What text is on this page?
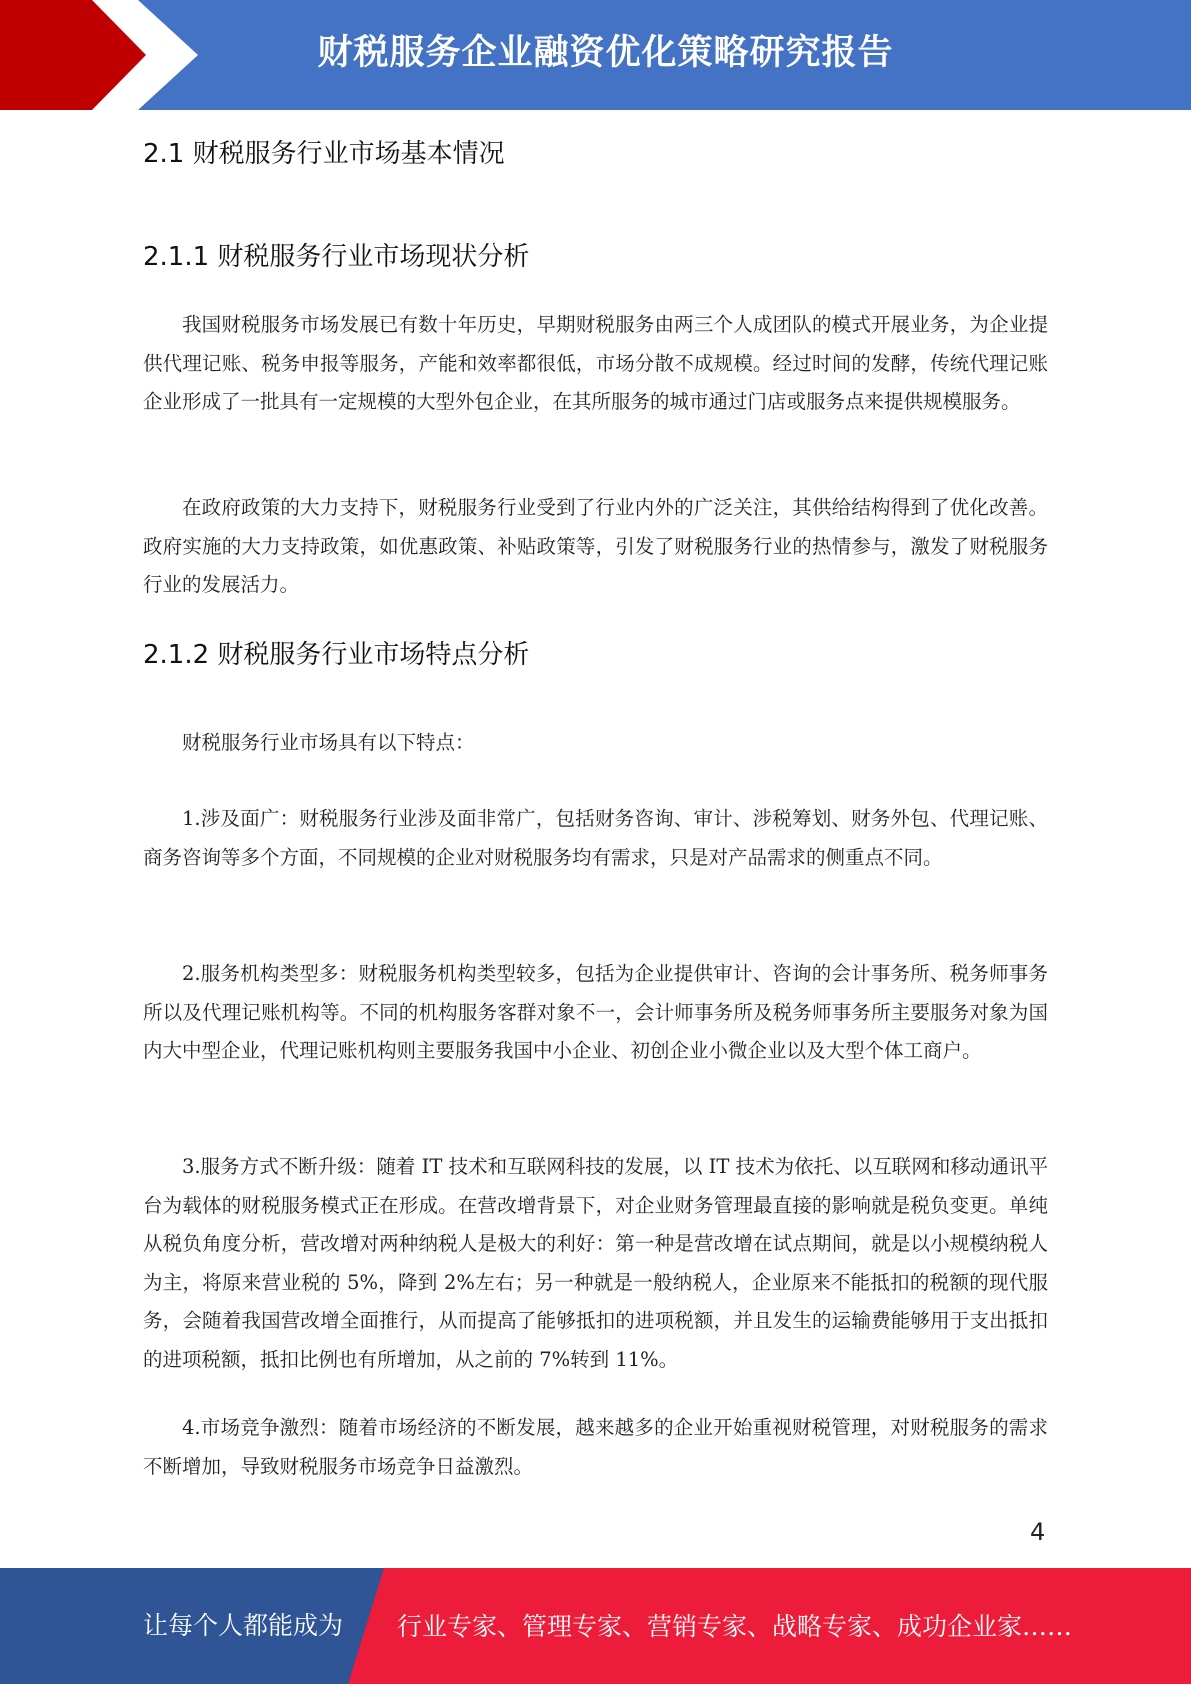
财税服务企业融资优化策略研究报告
2.1 财税服务行业市场基本情况
2.1.1 财税服务行业市场现状分析

我国财税服务市场发展已有数十年历史，早期财税服务由两三个人成团队的模式开展业务，为企业提供代理记账、税务申报等服务，产能和效率都很低，市场分散不成规模。经过时间的发酵，传统代理记账企业形成了一批具有一定规模的大型外包企业，在其所服务的城市通过门店或服务点来提供规模服务。

在政府政策的大力支持下，财税服务行业受到了行业内外的广泛关注，其供给结构得到了优化改善。政府实施的大力支持政策，如优惠政策、补贴政策等，引发了财税服务行业的热情参与，激发了财税服务行业的发展活力。

2.1.2 财税服务行业市场特点分析

财税服务行业市场具有以下特点：

1.涉及面广：财税服务行业涉及面非常广，包括财务咨询、审计、涉税筹划、财务外包、代理记账、商务咨询等多个方面，不同规模的企业对财税服务均有需求，只是对产品需求的侧重点不同。

2.服务机构类型多：财税服务机构类型较多，包括为企业提供审计、咨询的会计事务所、税务师事务所以及代理记账机构等。不同的机构服务客群对象不一，会计师事务所及税务师事务所主要服务对象为国内大中型企业，代理记账机构则主要服务我国中小企业、初创企业小微企业以及大型个体工商户。

3.服务方式不断升级：随着 IT 技术和互联网科技的发展，以 IT 技术为依托、以互联网和移动通讯平台为载体的财税服务模式正在形成。在营改增背景下，对企业财务管理最直接的影响就是税负变更。单纯从税负角度分析，营改增对两种纳税人是极大的利好：第一种是营改增在试点期间，就是以小规模纳税人为主，将原来营业税的 5%，降到 2%左右；另一种就是一般纳税人，企业原来不能抵扣的税额的现代服务，会随着我国营改增全面推行，从而提高了能够抵扣的进项税额，并且发生的运输费能够用于支出抵扣的进项税额，抵扣比例也有所增加，从之前的 7%转到 11%。

4.市场竞争激烈：随着市场经济的不断发展，越来越多的企业开始重视财税管理，对财税服务的需求不断增加，导致财税服务市场竞争日益激烈。

4
让每个人都能成为 行业专家、管理专家、营销专家、战略专家、成功企业家……
